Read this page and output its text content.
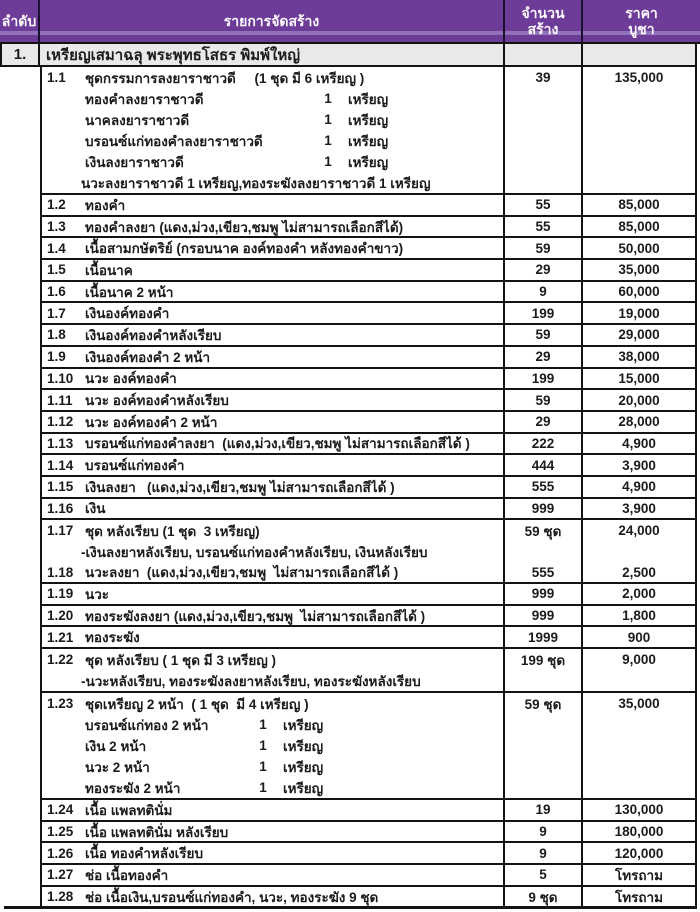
ลำดับ	รายการจัดสร้าง	จำนวน
สร้าง
ราคา
บูชา
1.	เหรียญเสมาฉลุ พระพุทธโสธร พิมพ์ใหญ่
1.1	ชุดกรรมการลงยาราชาวดี     (1 ชุด มี 6 เหรียญ )
ทองคำลงยาราชาวดี	1	เหรียญ
นาคลงยาราชาวดี	1	เหรียญ
บรอนซ์แก่ทองคำลงยาราชาวดี	1	เหรียญ
เงินลงยาราชาวดี	1	เหรียญ
นวะลงยาราชาวดี 1 เหรียญ,ทองระฆังลงยาราชาวดี 1 เหรียญ
39	135,000
1.2	ทองคำ	55	85,000
1.3	ทองคำลงยา (แดง,ม่วง,เขียว,ชมพู ไม่สามารถเลือกสีได้)	55	85,000
1.4	เนื้อสามกษัตริย์ (กรอบนาค องค์ทองคำ หลังทองคำขาว)	59	50,000
1.5	เนื้อนาค	29	35,000
1.6	เนื้อนาค 2 หน้า	9	60,000
1.7	เงินองค์ทองคำ	199	19,000
1.8	เงินองค์ทองคำหลังเรียบ	59	29,000
1.9	เงินองค์ทองคำ 2 หน้า	29	38,000
1.10 นวะ องค์ทองคำ	199	15,000
1.11 นวะ องค์ทองคำหลังเรียบ	59	20,000
1.12 นวะ องค์ทองคำ 2 หน้า	29	28,000
1.13 บรอนซ์แก่ทองคำลงยา  (แดง,ม่วง,เขียว,ชมพู ไม่สามารถเลือกสีได้ )	222	4,900
1.14 บรอนซ์แก่ทองคำ	444	3,900
1.15 เงินลงยา   (แดง,ม่วง,เขียว,ชมพู ไม่สามารถเลือกสีได้ )	555	4,900
1.16 เงิน	999	3,900
1.17 ชุด หลังเรียบ (1 ชุด  3 เหรียญ)
-เงินลงยาหลังเรียบ, บรอนซ์แก่ทองคำหลังเรียบ, เงินหลังเรียบ
59 ชุด	24,000
1.18 นวะลงยา  (แดง,ม่วง,เขียว,ชมพู  ไม่สามารถเลือกสีได้ )	555	2,500
1.19 นวะ	999	2,000
1.20 ทองระฆังลงยา (แดง,ม่วง,เขียว,ชมพู  ไม่สามารถเลือกสีได้ )	999	1,800
1.21 ทองระฆัง	1999	900
1.22 ชุด หลังเรียบ ( 1 ชุด มี 3 เหรียญ )
-นวะหลังเรียบ, ทองระฆังลงยาหลังเรียบ, ทองระฆังหลังเรียบ
199 ชุด	9,000
1.23 ชุดเหรียญ 2 หน้า  ( 1 ชุด  มี 4 เหรียญ )
บรอนซ์แก่ทอง 2 หน้า	1	เหรียญ
เงิน 2 หน้า	1	เหรียญ
นวะ 2 หน้า	1	เหรียญ
ทองระฆัง 2 หน้า	1	เหรียญ
59 ชุด	35,000
1.24 เนื้อ แพลทตินั่ม	19	130,000
1.25 เนื้อ แพลทตินั่ม หลังเรียบ	9	180,000
1.26 เนื้อ ทองคำหลังเรียบ	9	120,000
1.27 ช่อ เนื้อทองคำ	5	โทรถาม
1.28 ช่อ เนื้อเงิน,บรอนซ์แก่ทองคำ, นวะ, ทองระฆัง 9 ชุด	9 ชุด	โทรถาม
